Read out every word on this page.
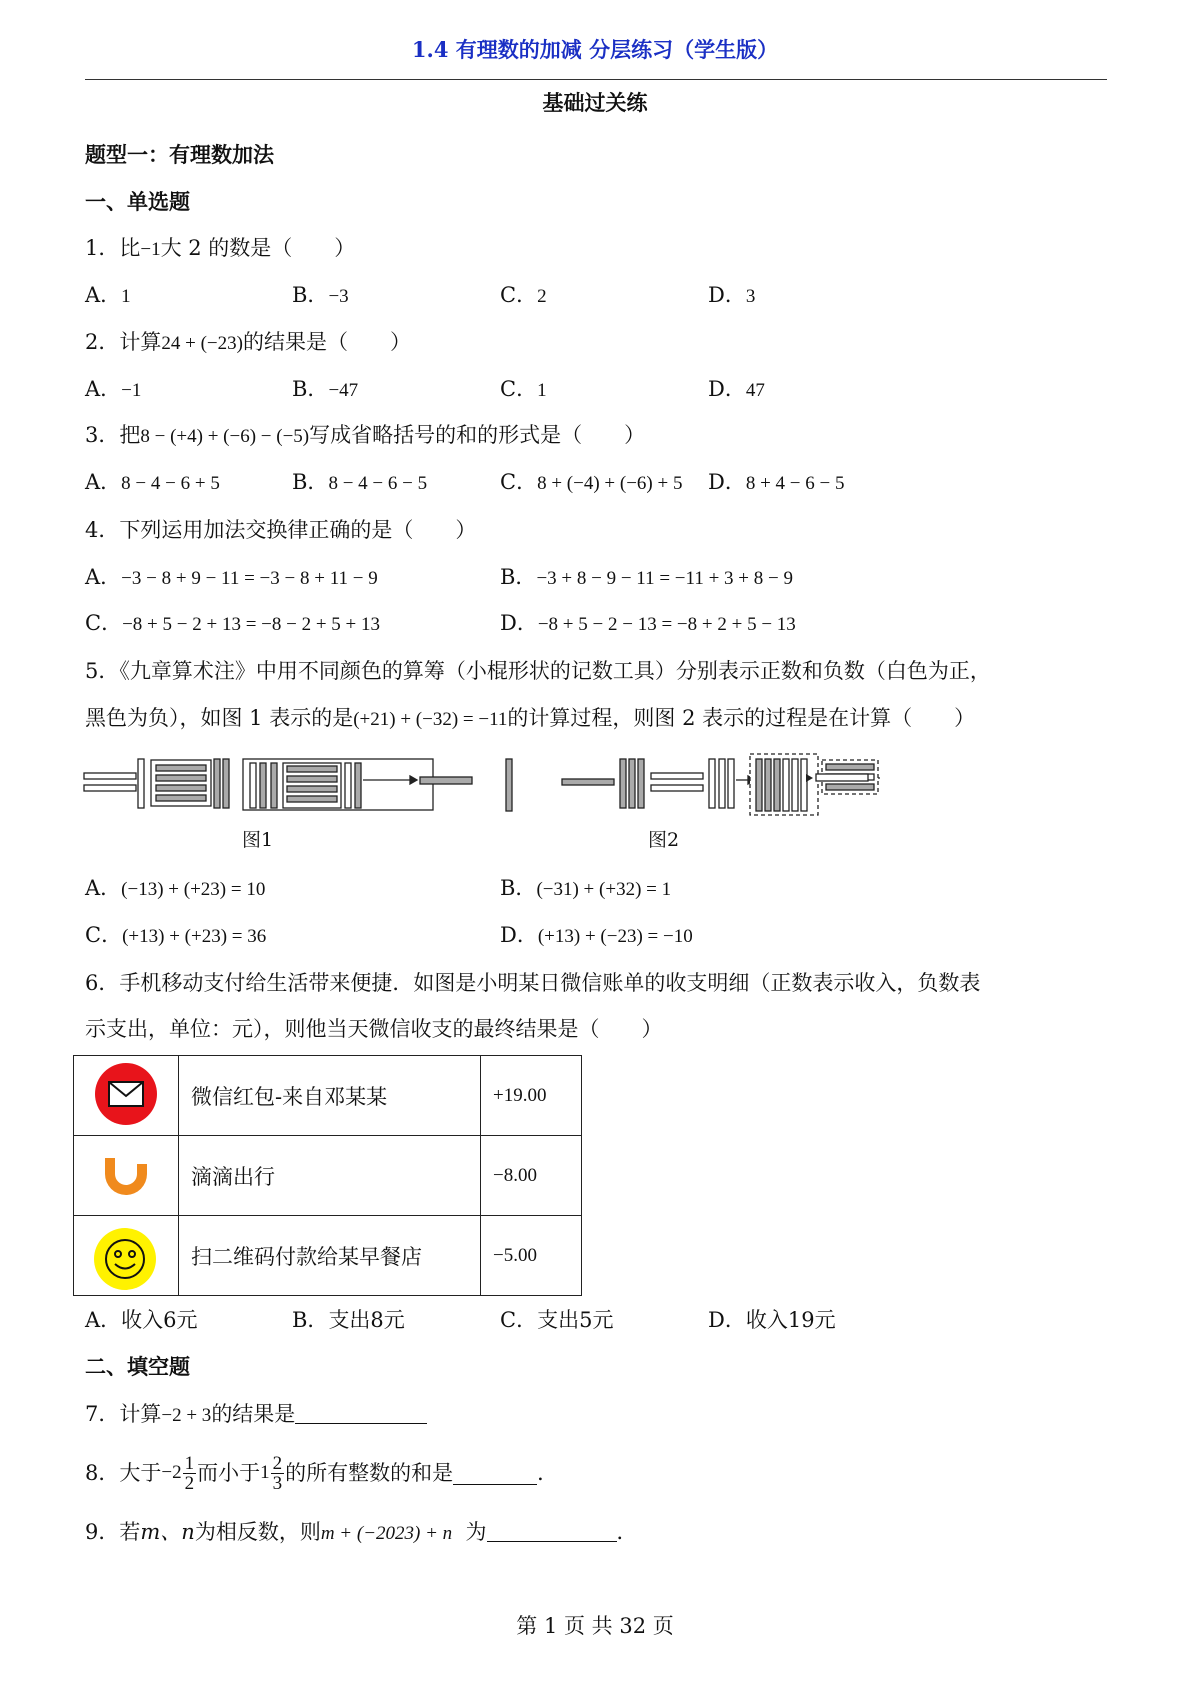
1.4 有理数的加减 分层练习（学生版）
基础过关练
题型一：有理数加法
一、单选题
1．比−1大 2 的数是（　　）
A．1	B．−3	C．2	D．3
2．计算24 + (−23)的结果是（　　）
A．−1	B．−47	C．1	D．47
3．把8 − (+4) + (−6) − (−5)写成省略括号的和的形式是（　　）
A．8 − 4 − 6 + 5	B．8 − 4 − 6 − 5	C．8 + (−4) + (−6) + 5 D．8 + 4 − 6 − 5
4．下列运用加法交换律正确的是（　　）
A．−3 − 8 + 9 − 11 = −3 − 8 + 11 − 9	B．−3 + 8 − 9 − 11 = −11 + 3 + 8 − 9
C．−8 + 5 − 2 + 13 = −8 − 2 + 5 + 13	D．−8 + 5 − 2 − 13 = −8 + 2 + 5 − 13
5．《九章算术注》中用不同颜色的算筹（小棍形状的记数工具）分别表示正数和负数（白色为正，
黑色为负），如图 1 表示的是(+21) + (−32) = −11的计算过程，则图 2 表示的过程是在计算（　　）
图1	图2
A．(−13) + (+23) = 10	B．(−31) + (+32) = 1
C．(+13) + (+23) = 36	D．(+13) + (−23) = −10
6．手机移动支付给生活带来便捷．如图是小明某日微信账单的收支明细（正数表示收入，负数表
示支出，单位：元），则他当天微信收支的最终结果是（　　）
	微信红包-来自邓某某	+19.00
	滴滴出行	−8.00
	扫二维码付款给某早餐店	−5.00
A．收入6元	B．支出8元	C．支出5元	D．收入19元
二、填空题
7．计算−2 + 3的结果是
8．大于 $-2 \frac{1}{2}$ 而小于 $1 \frac{2}{3}$ 的所有整数的和是	．
9．若m、n为相反数，则m + (−2023) + n 为	．
第 1 页 共 32 页
